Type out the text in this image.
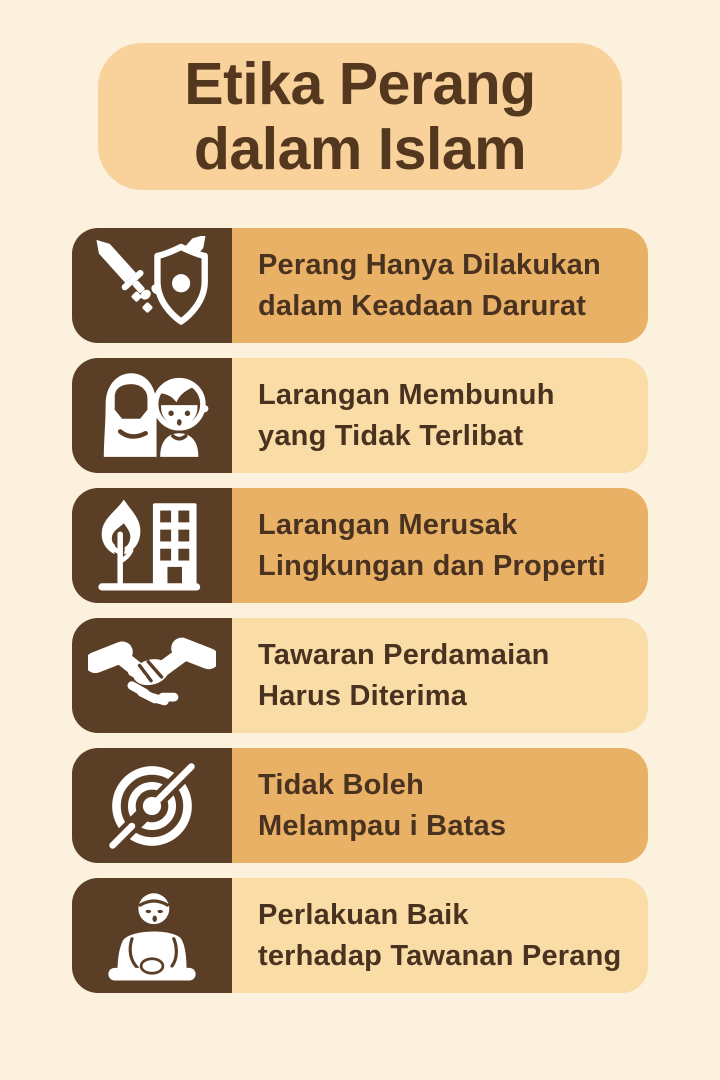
Etika Perang
dalam Islam

Perang Hanya Dilakukan

dalam Keadaan Darurat

Larangan Membunuh

yang Tidak Terlibat

Larangan Merusak

Lingkungan dan Properti

Tawaran Perdamaian

Harus Diterima

Tidak Boleh

Melampau i Batas

Perlakuan Baik

terhadap Tawanan Perang
